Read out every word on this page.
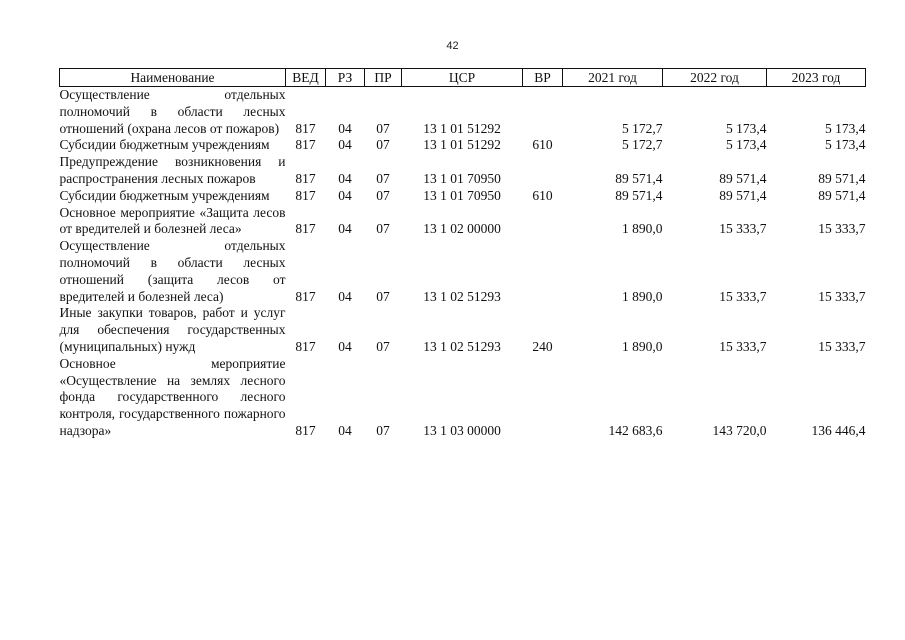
42
Наименование	ВЕД	РЗ	ПР	ЦСР	ВР	2021 год	2022 год	2023 год
Осуществление отдельных полномочий в области лесных отношений (охрана лесов от пожаров)	817	04	07	13 1 01 51292		5 172,7	5 173,4	5 173,4
Субсидии бюджетным учреждениям	817	04	07	13 1 01 51292	610	5 172,7	5 173,4	5 173,4
Предупреждение возникновения и распространения лесных пожаров	817	04	07	13 1 01 70950		89 571,4	89 571,4	89 571,4
Субсидии бюджетным учреждениям	817	04	07	13 1 01 70950	610	89 571,4	89 571,4	89 571,4
Основное мероприятие «Защита лесов от вредителей и болезней леса»	817	04	07	13 1 02 00000		1 890,0	15 333,7	15 333,7
Осуществление отдельных полномочий в области лесных отношений (защита лесов от вредителей и болезней леса)	817	04	07	13 1 02 51293		1 890,0	15 333,7	15 333,7
Иные закупки товаров, работ и услуг для обеспечения государственных (муниципальных) нужд	817	04	07	13 1 02 51293	240	1 890,0	15 333,7	15 333,7
Основное мероприятие «Осуществление на землях лесного фонда государственного лесного контроля, государственного пожарного надзора»	817	04	07	13 1 03 00000		142 683,6	143 720,0	136 446,4
